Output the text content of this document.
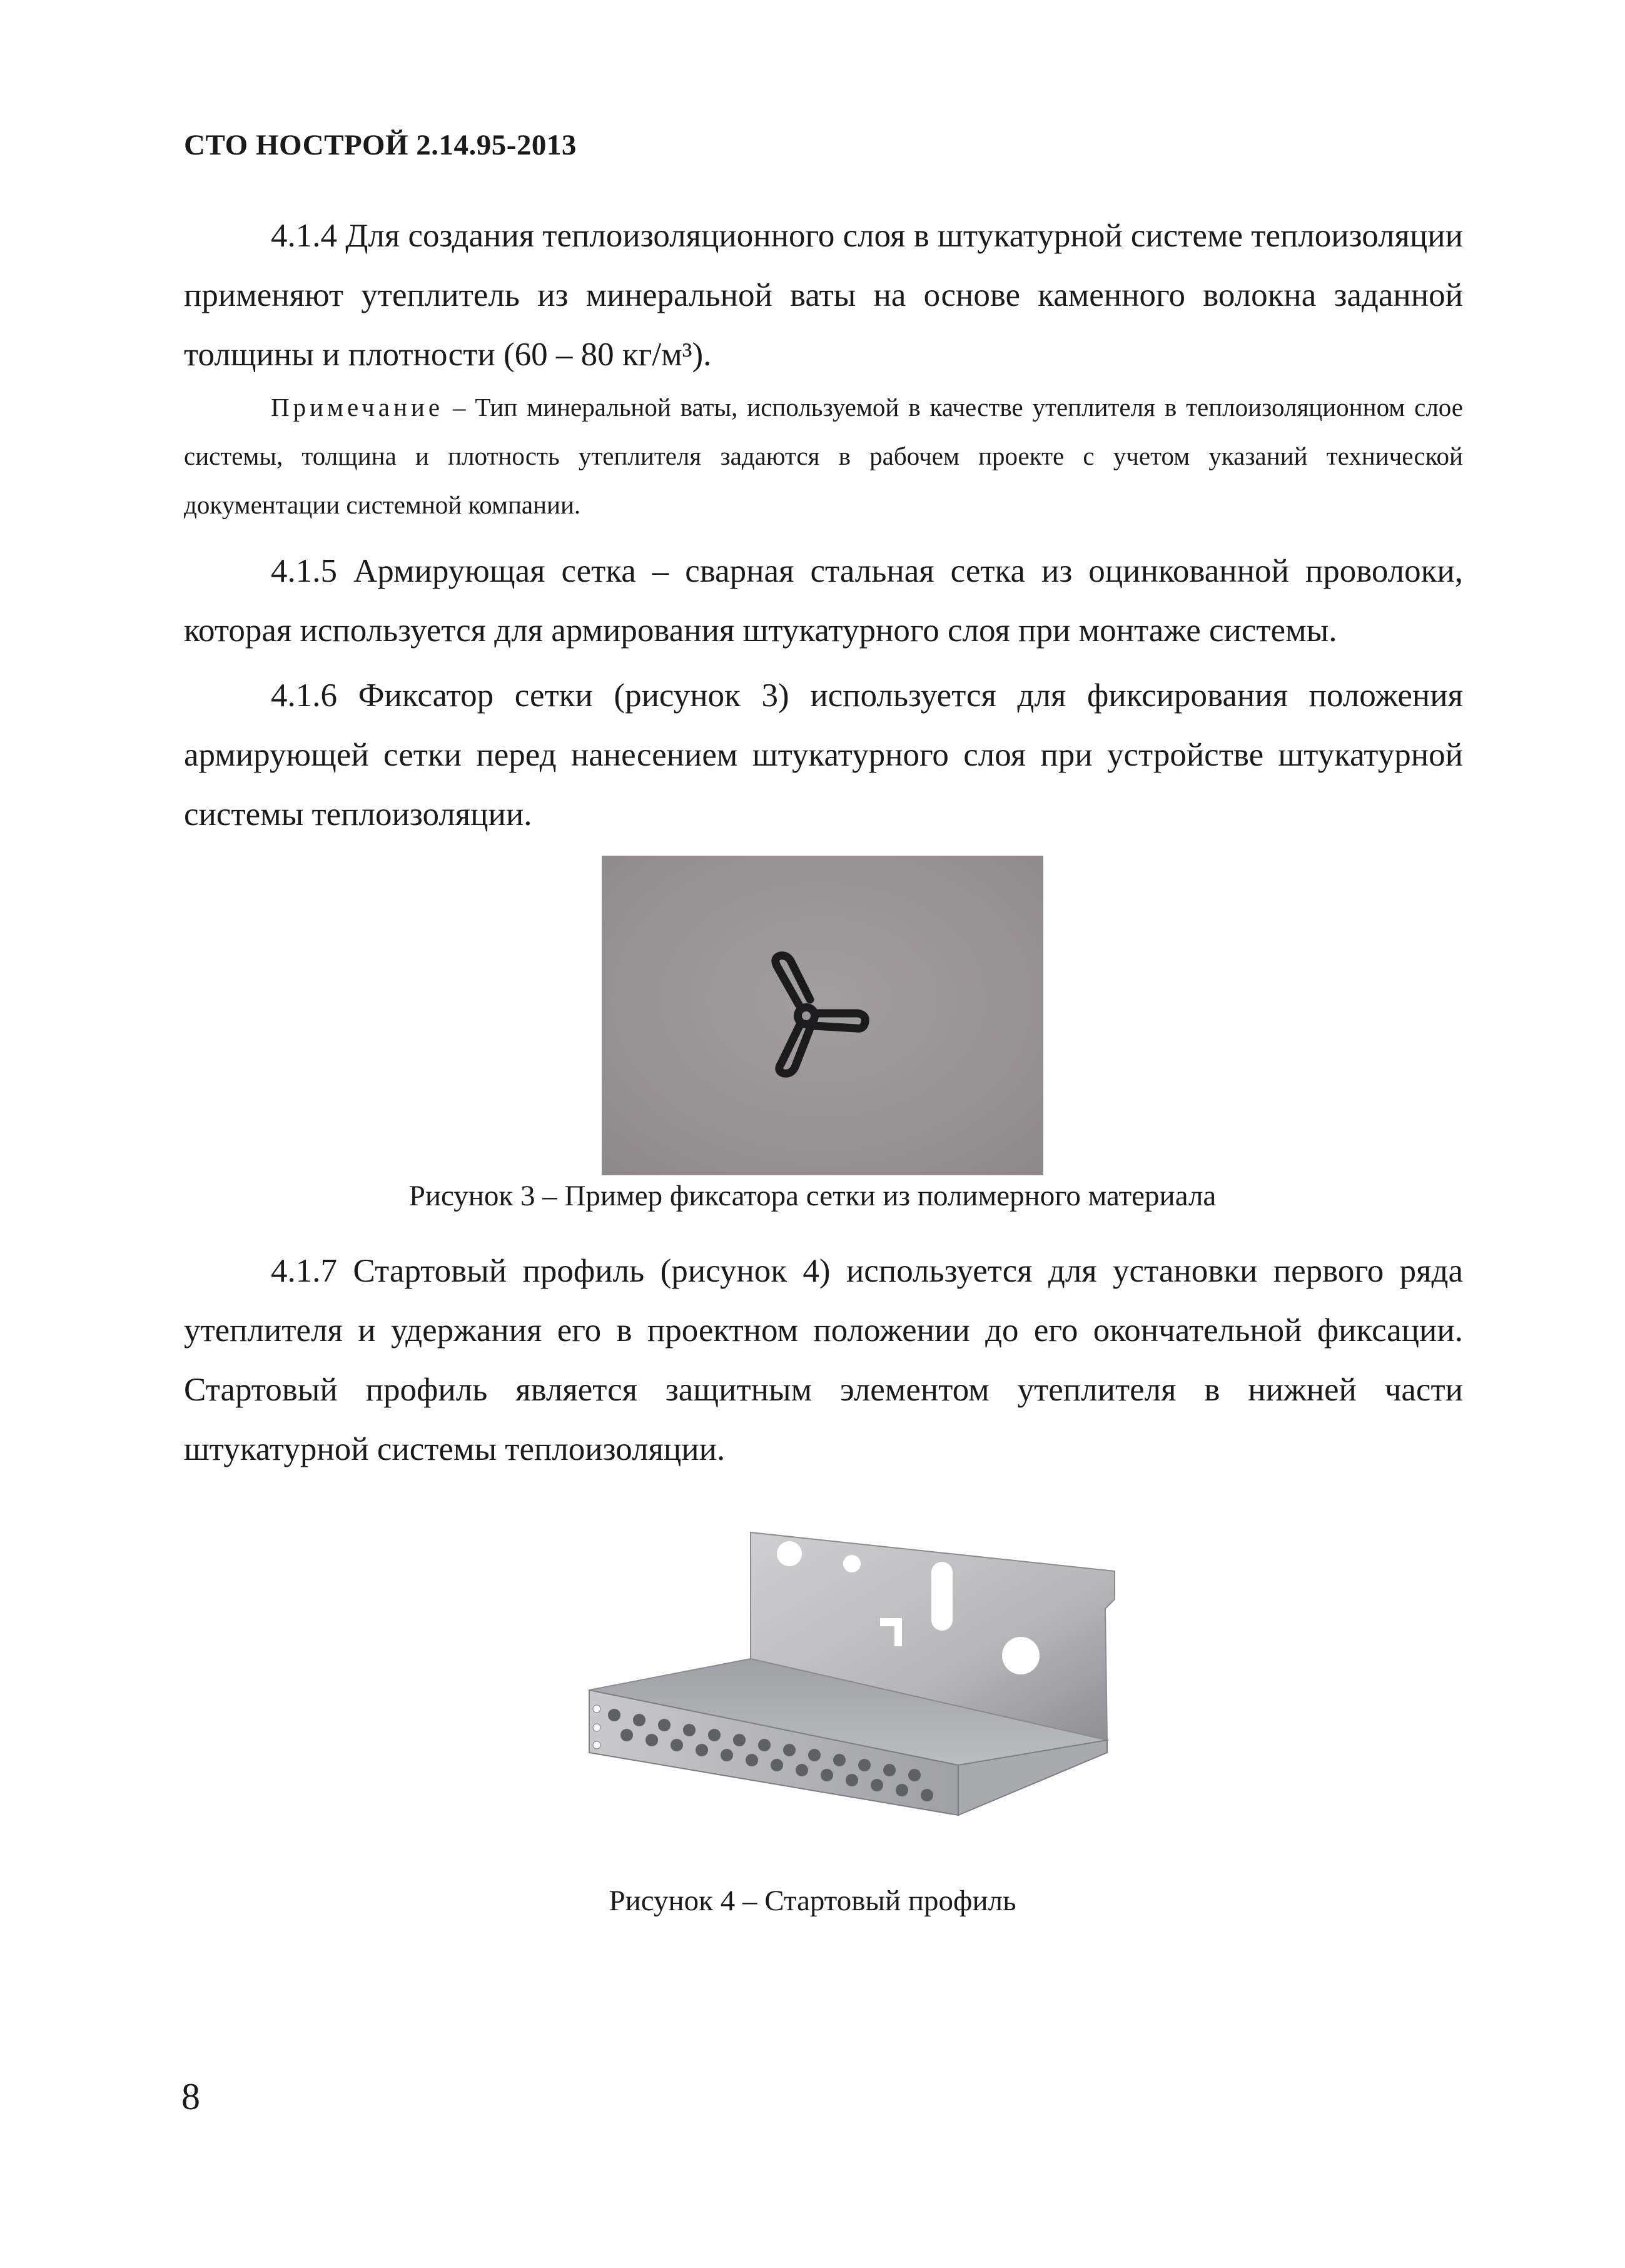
СТО НОСТРОЙ 2.14.95-2013

4.1.4 Для создания теплоизоляционного слоя в штукатурной системе теплоизоляции применяют утеплитель из минеральной ваты на основе каменного волокна заданной толщины и плотности (60 – 80 кг/м³).

Примечание – Тип минеральной ваты, используемой в качестве утеплителя в теплоизоляционном слое системы, толщина и плотность утеплителя задаются в рабочем проекте с учетом указаний технической документации системной компании.

4.1.5 Армирующая сетка – сварная стальная сетка из оцинкованной проволоки, которая используется для армирования штукатурного слоя при монтаже системы.

4.1.6 Фиксатор сетки (рисунок 3) используется для фиксирования положения армирующей сетки перед нанесением штукатурного слоя при устройстве штукатурной системы теплоизоляции.

Рисунок 3 – Пример фиксатора сетки из полимерного материала

4.1.7 Стартовый профиль (рисунок 4) используется для установки первого ряда утеплителя и удержания его в проектном положении до его окончательной фиксации. Стартовый профиль является защитным элементом утеплителя в нижней части штукатурной системы теплоизоляции.

Рисунок 4 – Стартовый профиль
8
